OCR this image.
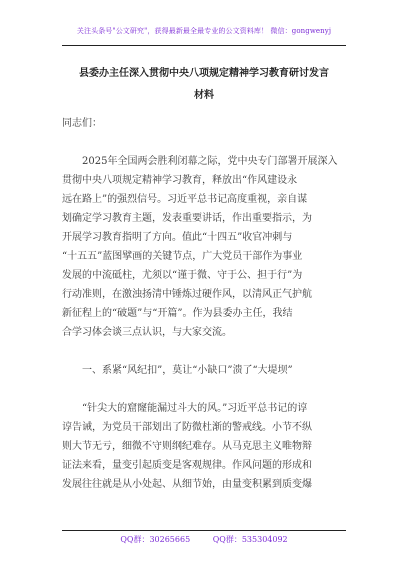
关注头条号"公文研究"，获得最新最全最专业的公文资料库！ 微信：gongwenyj
县委办主任深入贯彻中央八项规定精神学习教育研讨发言
材料
同志们：
2025年全国两会胜利闭幕之际，党中央专门部署开展深入
贯彻中央八项规定精神学习教育，释放出“作风建设永
远在路上”的强烈信号。习近平总书记高度重视，亲自谋
划确定学习教育主题，发表重要讲话，作出重要指示，为
开展学习教育指明了方向。值此“十四五”收官冲刺与
“十五五”蓝图擘画的关键节点，广大党员干部作为事业
发展的中流砥柱，尤须以“谨于微、守于公、担于行”为
行动准则，在激浊扬清中锤炼过硬作风，以清风正气护航
新征程上的“破题”与“开篇”。作为县委办主任，我结
合学习体会谈三点认识，与大家交流。
一、系紧“风纪扣”，莫让“小缺口”溃了“大堤坝”
“针尖大的窟窿能漏过斗大的风。”习近平总书记的谆
谆告诫，为党员干部划出了防微杜渐的警戒线。小节不纵
则大节无亏，细微不守则纲纪难存。从马克思主义唯物辩
证法来看，量变引起质变是客观规律。作风问题的形成和
发展往往就是从小处起、从细节始，由量变积累到质变爆
QQ群：30265665	QQ群：535304092
